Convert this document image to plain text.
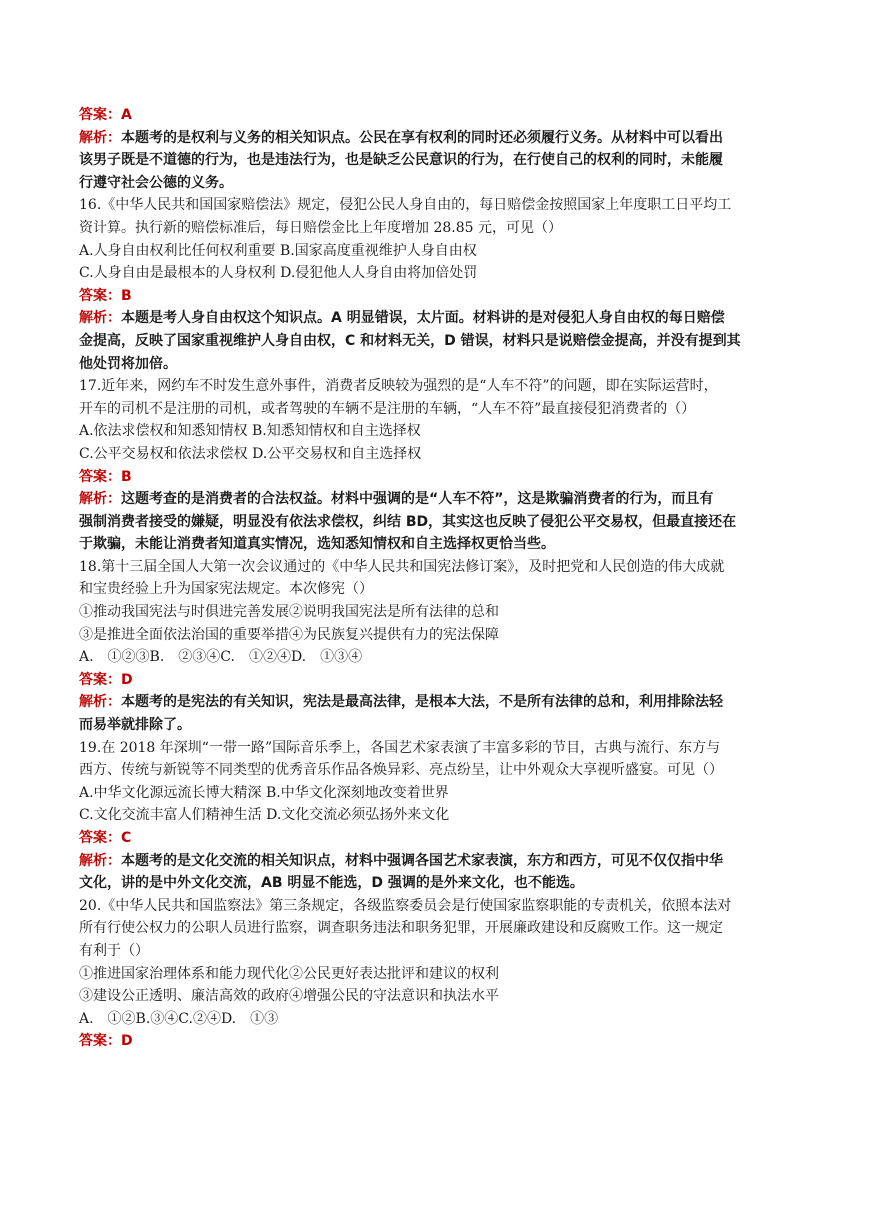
答案：A
解析：本题考的是权利与义务的相关知识点。公民在享有权利的同时还必须履行义务。从材料中可以看出
该男子既是不道德的行为，也是违法行为，也是缺乏公民意识的行为，在行使自己的权利的同时，未能履
行遵守社会公德的义务。
16.《中华人民共和国国家赔偿法》规定，侵犯公民人身自由的，每日赔偿金按照国家上年度职工日平均工
资计算。执行新的赔偿标准后，每日赔偿金比上年度增加 28.85 元，可见（）
A.人身自由权利比任何权利重要 B.国家高度重视维护人身自由权
C.人身自由是最根本的人身权利 D.侵犯他人人身自由将加倍处罚
答案：B
解析：本题是考人身自由权这个知识点。A 明显错误，太片面。材料讲的是对侵犯人身自由权的每日赔偿
金提高，反映了国家重视维护人身自由权，C 和材料无关，D 错误，材料只是说赔偿金提高，并没有提到其
他处罚将加倍。
17.近年来，网约车不时发生意外事件，消费者反映较为强烈的是“人车不符”的问题，即在实际运营时，
开车的司机不是注册的司机，或者驾驶的车辆不是注册的车辆，“人车不符”最直接侵犯消费者的（）
A.依法求偿权和知悉知情权 B.知悉知情权和自主选择权
C.公平交易权和依法求偿权 D.公平交易权和自主选择权
答案：B
解析：这题考查的是消费者的合法权益。材料中强调的是“人车不符”，这是欺骗消费者的行为，而且有
强制消费者接受的嫌疑，明显没有依法求偿权，纠结 BD，其实这也反映了侵犯公平交易权，但最直接还在
于欺骗，未能让消费者知道真实情况，选知悉知情权和自主选择权更恰当些。
18.第十三届全国人大第一次会议通过的《中华人民共和国宪法修订案》，及时把党和人民创造的伟大成就
和宝贵经验上升为国家宪法规定。本次修宪（）
①推动我国宪法与时俱进完善发展②说明我国宪法是所有法律的总和
③是推进全面依法治国的重要举措④为民族复兴提供有力的宪法保障
A.　①②③B.　②③④C.　①②④D.　①③④
答案：D
解析：本题考的是宪法的有关知识，宪法是最高法律，是根本大法，不是所有法律的总和，利用排除法轻
而易举就排除了。
19.在 2018 年深圳“一带一路”国际音乐季上，各国艺术家表演了丰富多彩的节目，古典与流行、东方与
西方、传统与新锐等不同类型的优秀音乐作品各焕异彩、亮点纷呈，让中外观众大享视听盛宴。可见（）
A.中华文化源远流长博大精深 B.中华文化深刻地改变着世界
C.文化交流丰富人们精神生活 D.文化交流必须弘扬外来文化
答案：C
解析：本题考的是文化交流的相关知识点，材料中强调各国艺术家表演，东方和西方，可见不仅仅指中华
文化，讲的是中外文化交流，AB 明显不能选，D 强调的是外来文化，也不能选。
20.《中华人民共和国监察法》第三条规定，各级监察委员会是行使国家监察职能的专责机关，依照本法对
所有行使公权力的公职人员进行监察，调查职务违法和职务犯罪，开展廉政建设和反腐败工作。这一规定
有利于（）
①推进国家治理体系和能力现代化②公民更好表达批评和建议的权利
③建设公正透明、廉洁高效的政府④增强公民的守法意识和执法水平
A.　①②B.③④C.②④D.　①③
答案：D
